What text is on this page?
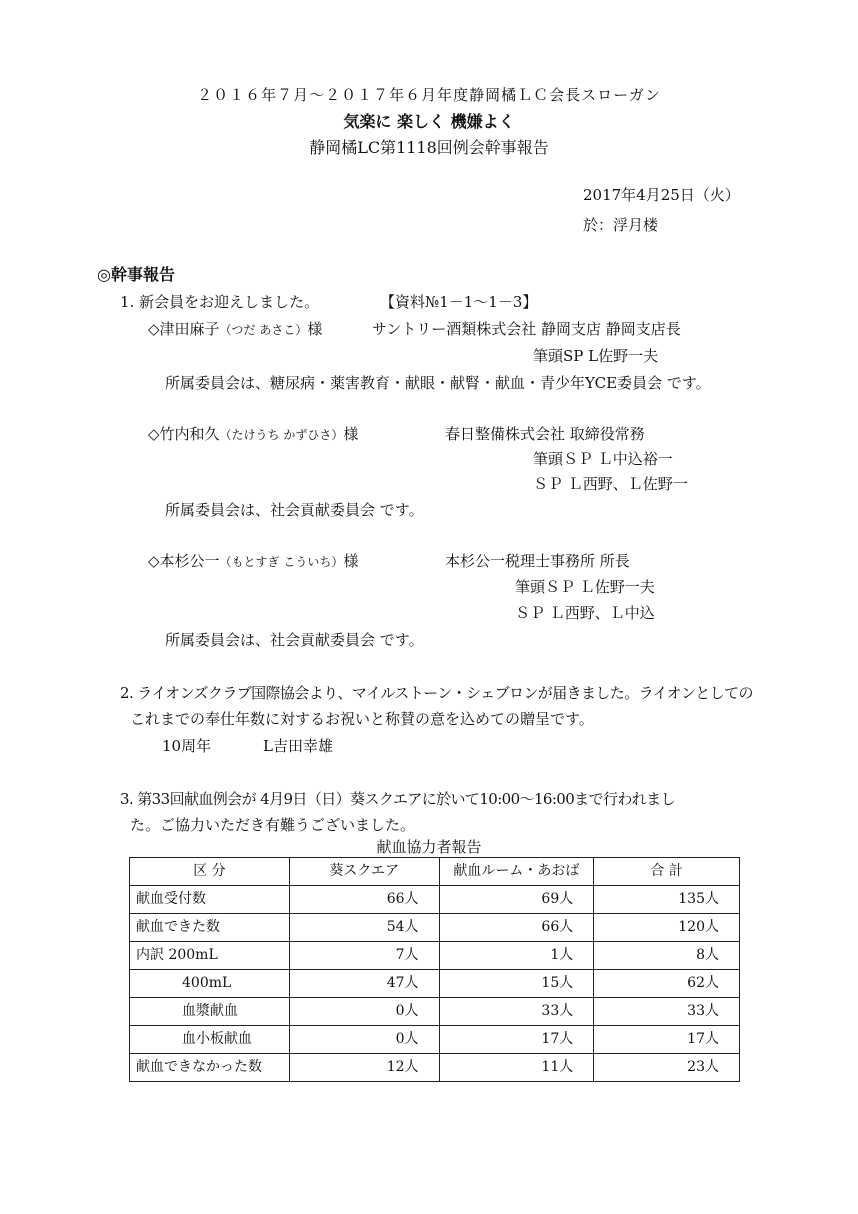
２０１６年７月～２０１７年６月年度静岡橘ＬＣ会長スローガン
気楽に 楽しく 機嫌よく
静岡橘LC第1118回例会幹事報告
2017年4月25日（火）
於：浮月楼
◎幹事報告
1. 新会員をお迎えしました。	【資料№1－1～1－3】
◇津田麻子（つだ あさこ）様	サントリー酒類株式会社 静岡支店 静岡支店長
筆頭SP L佐野一夫
所属委員会は、糖尿病・薬害教育・献眼・献腎・献血・青少年YCE委員会 です。
◇竹内和久（たけうち かずひさ）様	春日整備株式会社 取締役常務
筆頭ＳＰ Ｌ中込裕一
ＳＰ Ｌ西野、Ｌ佐野一
所属委員会は、社会貢献委員会 です。
◇本杉公一（もとすぎ こういち）様	本杉公一税理士事務所 所長
筆頭ＳＰ Ｌ佐野一夫
ＳＰ Ｌ西野、Ｌ中込
所属委員会は、社会貢献委員会 です。
2. ライオンズクラブ国際協会より、マイルストーン・シェブロンが届きました。ライオンとしての
これまでの奉仕年数に対するお祝いと称賛の意を込めての贈呈です。
10周年	L吉田幸雄
3. 第33回献血例会が 4月9日（日）葵スクエアに於いて10:00～16:00まで行われまし
た。ご協力いただき有難うございました。
献血協力者報告
区 分	葵スクエア	献血ルーム・あおば	合 計
献血受付数	66人	69人	135人
献血できた数	54人	66人	120人
内訳 200mL	7人	1人	8人
400mL	47人	15人	62人
血漿献血	0人	33人	33人
血小板献血	0人	17人	17人
献血できなかった数	12人	11人	23人
